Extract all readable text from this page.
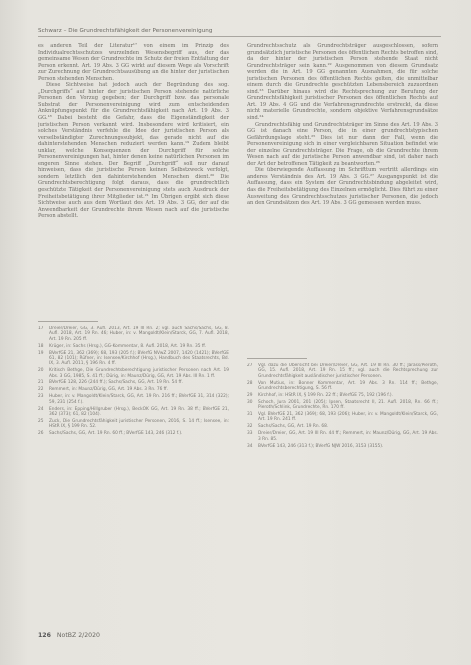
Schwarz – Die Grundrechtsfähigkeit der Personenvereinigung

es anderen Teil der Literatur¹⁷ von einem im Prinzip des Individualrechtsschutzes wurzelnden Wesensbegriff aus, der das gemeinsame Wesen der Grundrechte im Schutz der freien Entfaltung der Person erkennt. Art. 19 Abs. 3 GG wirkt auf diesem Wege als Vorschrift zur Zurechnung der Grundrechtsausübung an die hinter der juristischen Person stehenden Menschen.

Diese Sichtweise hat jedoch auch der Begründung des sog. „Durchgriffs“ auf hinter der juristischen Person stehende natürliche Personen den Vorzug gegeben; der Durchgriff bzw. das personale Substrat der Personenvereinigung wird zum entscheidenden Anknüpfungspunkt für die Grundrechtsfähigkeit nach Art. 19 Abs. 3 GG.¹⁸ Dabei besteht die Gefahr, dass die Eigenständigkeit der juristischen Person verkannt wird. Insbesondere wird kritisiert, ein solches Verständnis verfehle die Idee der juristischen Person als verselbständigter Zurechnungssubjekt, das gerade nicht auf die dahinterstehenden Menschen reduziert werden kann.¹⁹ Zudem bleibt unklar, welche Konsequenzen der Durchgriff für solche Personenvereinigungen hat, hinter denen keine natürlichen Personen im engeren Sinne stehen. Der Begriff „Durchgriff“ soll nur darauf hinweisen, dass die juristische Person keinen Selbstzweck verfolgt, sondern letztlich den dahinterstehenden Menschen dient.²⁰ Die Grundrechtsberechtigung folgt daraus, dass die grundrechtlich geschützte Tätigkeit der Personenvereinigung stets auch Ausdruck der Freiheitsbetätigung ihrer Mitglieder ist.²¹ Im Übrigen ergibt sich diese Sichtweise auch aus dem Wortlaut des Art. 19 Abs. 3 GG, der auf die Anwendbarkeit der Grundrechte ihrem Wesen nach auf die juristische Person abstellt.

Grundrechtsschutz als Grundrechtsträger ausgeschlossen, sofern grundsätzlich juristische Personen des öffentlichen Rechts betroffen sind, da der hinter der juristischen Person stehende Staat nicht Grundrechtsträger sein kann.²² Ausgenommen von diesem Grundsatz werden die in Art. 19 GG genannten Ausnahmen, die für solche juristischen Personen des öffentlichen Rechts gelten, die unmittelbar einem durch die Grundrechte geschützten Lebensbereich zuzuordnen sind.²³ Darüber hinaus wird die Rechtsprechung zur Berufung der Grundrechtsfähigkeit juristischer Personen des öffentlichen Rechts auf Art. 19 Abs. 4 GG und die Verfahrensgrundrechte erstreckt, da diese nicht materielle Grundrechte, sondern objektive Verfahrensgrundsätze sind.²⁴

Grundrechtsfähig und Grundrechtsträger im Sinne des Art. 19 Abs. 3 GG ist danach eine Person, die in einer grundrechtstypischen Gefährdungslage steht.²⁵ Dies ist nur dann der Fall, wenn die Personenvereinigung sich in einer vergleichbaren Situation befindet wie der einzelne Grundrechtsträger. Die Frage, ob die Grundrechte ihrem Wesen nach auf die juristische Person anwendbar sind, ist daher nach der Art der betroffenen Tätigkeit zu beantworten.²⁶

Die überwiegende Auffassung im Schrifttum vertritt allerdings ein anderes Verständnis des Art. 19 Abs. 3 GG.²⁷ Ausgangspunkt ist die Auffassung, dass ein System der Grundrechtsbindung abgeleitet wird, das die Freiheitsbetätigung des Einzelnen ermöglicht. Dies führt zu einer Ausweitung des Grundrechtsschutzes juristischer Personen, die jedoch an den Grundsätzen des Art. 19 Abs. 3 GG gemessen werden muss.

17	Dreier/Dreier, GG, 3. Aufl. 2013, Art. 19 III Rn. 2; vgl. auch Sachs/Sachs, GG, 8. Aufl. 2018, Art. 19 Rn. 46; Huber, in: v. Mangoldt/Klein/Starck, GG, 7. Aufl. 2018, Art. 19 Rn. 205 ff.
18	Krüger, in: Sachs (Hrsg.), GG-Kommentar, 8. Aufl. 2018, Art. 19 Rn. 35 ff.
19	BVerfGE 21, 362 (369); 68, 193 (205 f.); BVerfG NVwZ 2007, 1420 (1421); BVerfGE 61, 82 (101); Rüfner, in: Isensee/Kirchhof (Hrsg.), Handbuch des Staatsrechts, Bd. IX, 3. Aufl. 2011, § 196 Rn. 4 ff.
20	Kritisch Bethge, Die Grundrechtsberechtigung juristischer Personen nach Art. 19 Abs. 3 GG, 1985, S. 41 ff.; Dürig, in: Maunz/Dürig, GG, Art. 19 Abs. III Rn. 1 ff.
21	BVerfGE 128, 226 (244 ff.); Sachs/Sachs, GG, Art. 19 Rn. 54 ff.
22	Remmert, in: Maunz/Dürig, GG, Art. 19 Abs. 3 Rn. 76 ff.
23	Huber, in: v. Mangoldt/Klein/Starck, GG, Art. 19 Rn. 216 ff.; BVerfGE 31, 314 (322); 59, 231 (254 f.).
24	Enders, in: Epping/Hillgruber (Hrsg.), BeckOK GG, Art. 19 Rn. 38 ff.; BVerfGE 21, 362 (373); 61, 82 (104).
25	Zuck, Die Grundrechtsfähigkeit juristischer Personen, 2016, S. 14 ff.; Isensee, in: HStR IX, § 199 Rn. 52.
26	Sachs/Sachs, GG, Art. 19 Rn. 60 ff.; BVerfGE 143, 246 (312 f.).
27	Vgl. dazu die Übersicht bei Dreier/Dreier, GG, Art. 19 III Rn. 30 ff.; Jarass/Pieroth, GG, 15. Aufl. 2018, Art. 19 Rn. 15 ff.; vgl. auch die Rechtsprechung zur Grundrechtsfähigkeit ausländischer juristischer Personen.
28	Von Mutius, in: Bonner Kommentar, Art. 19 Abs. 3 Rn. 114 ff.; Bethge, Grundrechtsberechtigung, S. 56 ff.
29	Kirchhof, in: HStR IX, § 199 Rn. 22 ff.; BVerfGE 75, 192 (196 f.).
30	Schoch, Jura 2001, 201 (205); Ipsen, Staatsrecht II, 21. Aufl. 2018, Rn. 66 ff.; Pieroth/Schlink, Grundrechte, Rn. 170 ff.
31	Vgl. BVerfGE 21, 362 (369); 68, 193 (206); Huber, in: v. Mangoldt/Klein/Starck, GG, Art. 19 Rn. 241 ff.
32	Sachs/Sachs, GG, Art. 19 Rn. 68.
33	Dreier/Dreier, GG, Art. 19 III Rn. 44 ff.; Remmert, in: Maunz/Dürig, GG, Art. 19 Abs. 3 Rn. 85.
34	BVerfGE 143, 246 (313 f.); BVerfG NJW 2016, 3153 (3155).
126 NotBZ 2/2020
